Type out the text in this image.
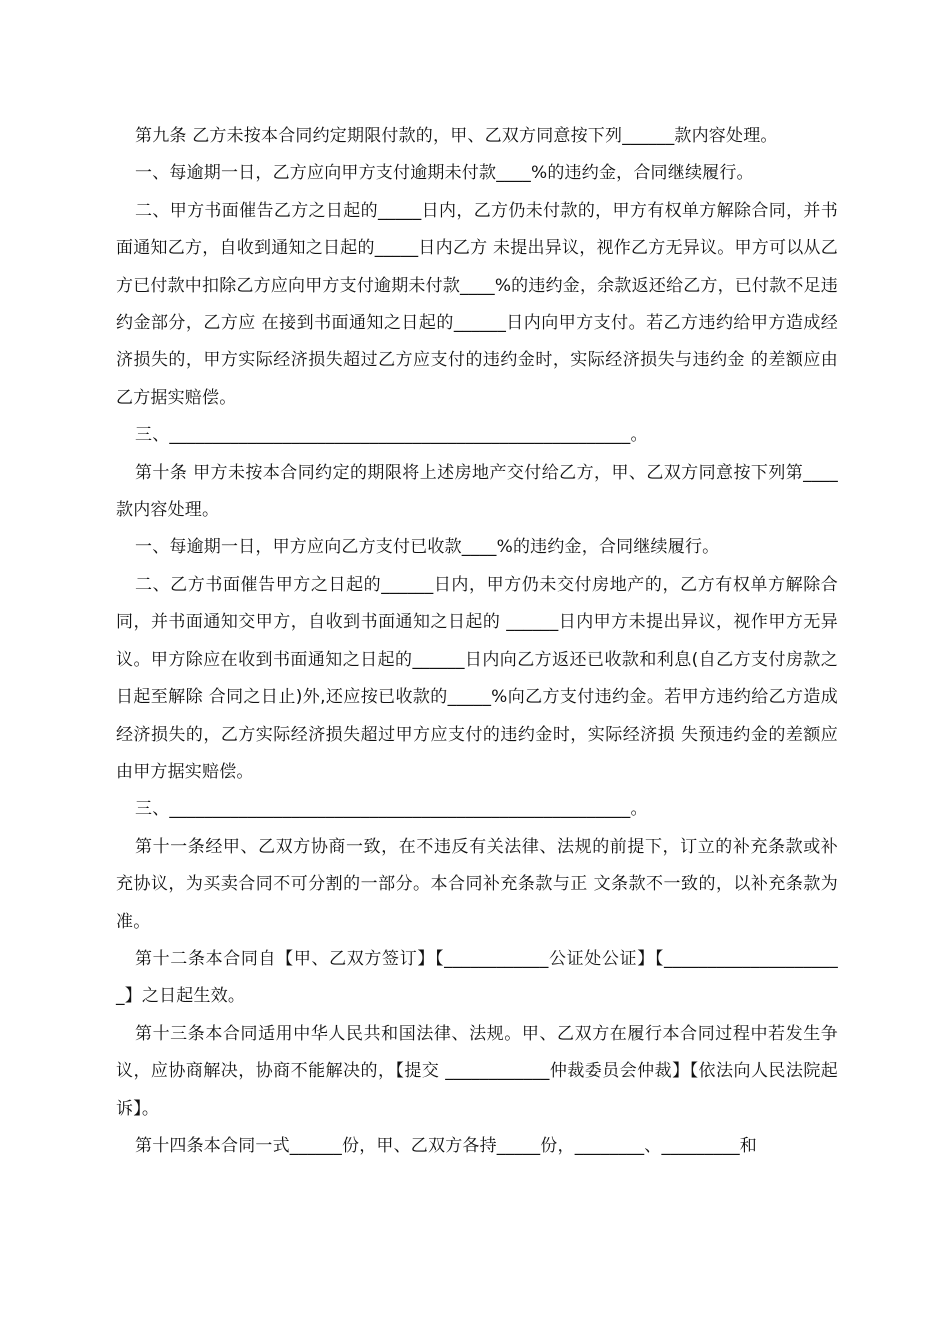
第九条 乙方未按本合同约定期限付款的，甲、乙双方同意按下列______款内容处理。

一、每逾期一日，乙方应向甲方支付逾期未付款____%的违约金，合同继续履行。

二、甲方书面催告乙方之日起的_____日内，乙方仍未付款的，甲方有权单方解除合同，并书面通知乙方，自收到通知之日起的_____日内乙方 未提出异议，视作乙方无异议。甲方可以从乙方已付款中扣除乙方应向甲方支付逾期未付款____%的违约金，余款返还给乙方，已付款不足违约金部分，乙方应 在接到书面通知之日起的______日内向甲方支付。若乙方违约给甲方造成经济损失的，甲方实际经济损失超过乙方应支付的违约金时，实际经济损失与违约金 的差额应由乙方据实赔偿。

三、_____________________________________________________。

第十条 甲方未按本合同约定的期限将上述房地产交付给乙方，甲、乙双方同意按下列第____款内容处理。

一、每逾期一日，甲方应向乙方支付已收款____%的违约金，合同继续履行。

二、乙方书面催告甲方之日起的______日内，甲方仍未交付房地产的，乙方有权单方解除合同，并书面通知交甲方，自收到书面通知之日起的 ______日内甲方未提出异议，视作甲方无异议。甲方除应在收到书面通知之日起的______日内向乙方返还已收款和利息(自乙方支付房款之日起至解除 合同之日止)外,还应按已收款的_____%向乙方支付违约金。若甲方违约给乙方造成经济损失的，乙方实际经济损失超过甲方应支付的违约金时，实际经济损 失预违约金的差额应由甲方据实赔偿。

三、_____________________________________________________。

第十一条经甲、乙双方协商一致，在不违反有关法律、法规的前提下，订立的补充条款或补充协议，为买卖合同不可分割的一部分。本合同补充条款与正 文条款不一致的，以补充条款为准。

第十二条本合同自【甲、乙双方签订】【____________公证处公证】【_____________________】之日起生效。

第十三条本合同适用中华人民共和国法律、法规。甲、乙双方在履行本合同过程中若发生争议，应协商解决，协商不能解决的，【提交 ____________仲裁委员会仲裁】【依法向人民法院起诉】。

第十四条本合同一式______份，甲、乙双方各持_____份，________、_________和
